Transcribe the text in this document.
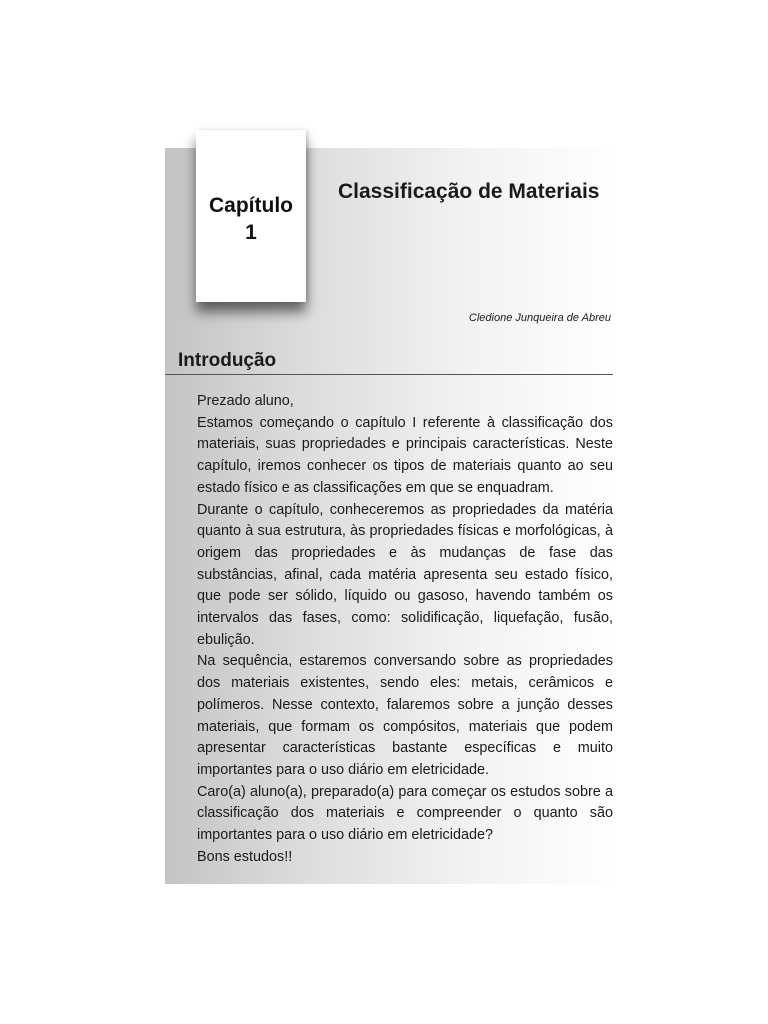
Capítulo
1
Classificação de Materiais
Cledione Junqueira de Abreu
Introdução

Prezado aluno,

Estamos começando o capítulo I referente à classificação dos materiais, suas propriedades e principais características. Neste capítulo, iremos conhecer os tipos de materiais quanto ao seu estado físico e as classificações em que se enquadram.

Durante o capítulo, conheceremos as propriedades da matéria quanto à sua estrutura, às propriedades físicas e morfológicas, à origem das propriedades e às mudanças de fase das substâncias, afinal, cada matéria apresenta seu estado físico, que pode ser sólido, líquido ou gasoso, havendo também os intervalos das fases, como: solidificação, liquefação, fusão, ebulição.

Na sequência, estaremos conversando sobre as propriedades dos materiais existentes, sendo eles: metais, cerâmicos e polímeros. Nesse contexto, falaremos sobre a junção desses materiais, que formam os compósitos, materiais que podem apresentar características bastante específicas e muito importantes para o uso diário em eletricidade.

Caro(a) aluno(a), preparado(a) para começar os estudos sobre a classificação dos materiais e compreender o quanto são importantes para o uso diário em eletricidade?

Bons estudos!!
